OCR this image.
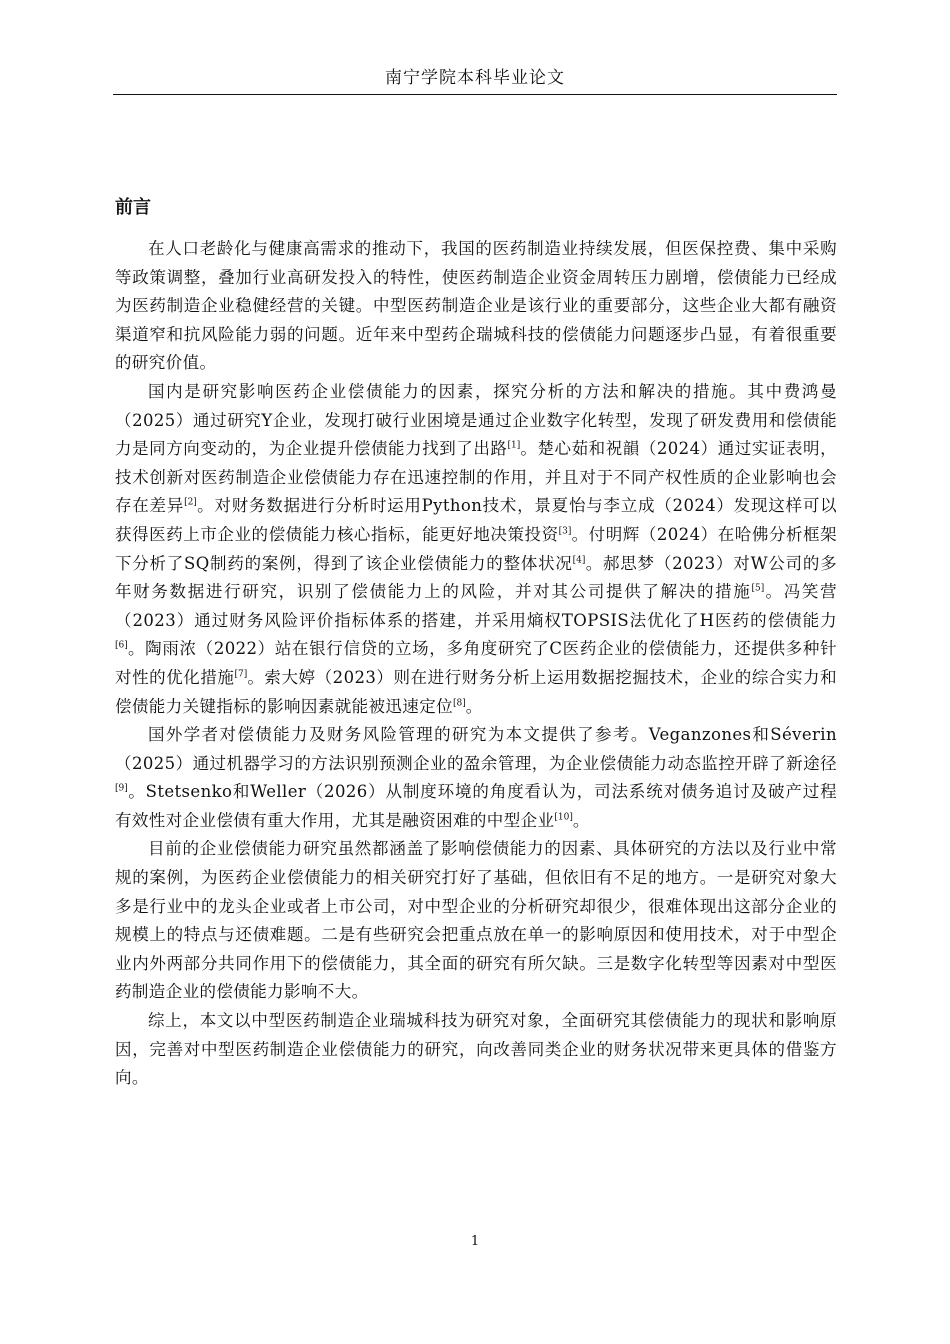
南宁学院本科毕业论文
前言

在人口老龄化与健康高需求的推动下，我国的医药制造业持续发展，但医保控费、集中采购等政策调整，叠加行业高研发投入的特性，使医药制造企业资金周转压力剧增，偿债能力已经成为医药制造企业稳健经营的关键。中型医药制造企业是该行业的重要部分，这些企业大都有融资渠道窄和抗风险能力弱的问题。近年来中型药企瑞城科技的偿债能力问题逐步凸显，有着很重要的研究价值。

国内是研究影响医药企业偿债能力的因素，探究分析的方法和解决的措施。其中费鸿曼（2025）通过研究Y企业，发现打破行业困境是通过企业数字化转型，发现了研发费用和偿债能力是同方向变动的，为企业提升偿债能力找到了出路[1]。楚心茹和祝韻（2024）通过实证表明，技术创新对医药制造企业偿债能力存在迅速控制的作用，并且对于不同产权性质的企业影响也会存在差异[2]。对财务数据进行分析时运用Python技术，景夏怡与李立成（2024）发现这样可以获得医药上市企业的偿债能力核心指标，能更好地决策投资[3]。付明辉（2024）在哈佛分析框架下分析了SQ制药的案例，得到了该企业偿债能力的整体状况[4]。郝思梦（2023）对W公司的多年财务数据进行研究，识别了偿债能力上的风险，并对其公司提供了解决的措施[5]。冯笑营（2023）通过财务风险评价指标体系的搭建，并采用熵权TOPSIS法优化了H医药的偿债能力[6]。陶雨浓（2022）站在银行信贷的立场，多角度研究了C医药企业的偿债能力，还提供多种针对性的优化措施[7]。索大婷（2023）则在进行财务分析上运用数据挖掘技术，企业的综合实力和偿债能力关键指标的影响因素就能被迅速定位[8]。

国外学者对偿债能力及财务风险管理的研究为本文提供了参考。Veganzones和Séverin（2025）通过机器学习的方法识别预测企业的盈余管理，为企业偿债能力动态监控开辟了新途径[9]。Stetsenko和Weller（2026）从制度环境的角度看认为，司法系统对债务追讨及破产过程有效性对企业偿债有重大作用，尤其是融资困难的中型企业[10]。

目前的企业偿债能力研究虽然都涵盖了影响偿债能力的因素、具体研究的方法以及行业中常规的案例，为医药企业偿债能力的相关研究打好了基础，但依旧有不足的地方。一是研究对象大多是行业中的龙头企业或者上市公司，对中型企业的分析研究却很少，很难体现出这部分企业的规模上的特点与还债难题。二是有些研究会把重点放在单一的影响原因和使用技术，对于中型企业内外两部分共同作用下的偿债能力，其全面的研究有所欠缺。三是数字化转型等因素对中型医药制造企业的偿债能力影响不大。

综上，本文以中型医药制造企业瑞城科技为研究对象，全面研究其偿债能力的现状和影响原因，完善对中型医药制造企业偿债能力的研究，向改善同类企业的财务状况带来更具体的借鉴方向。

1
